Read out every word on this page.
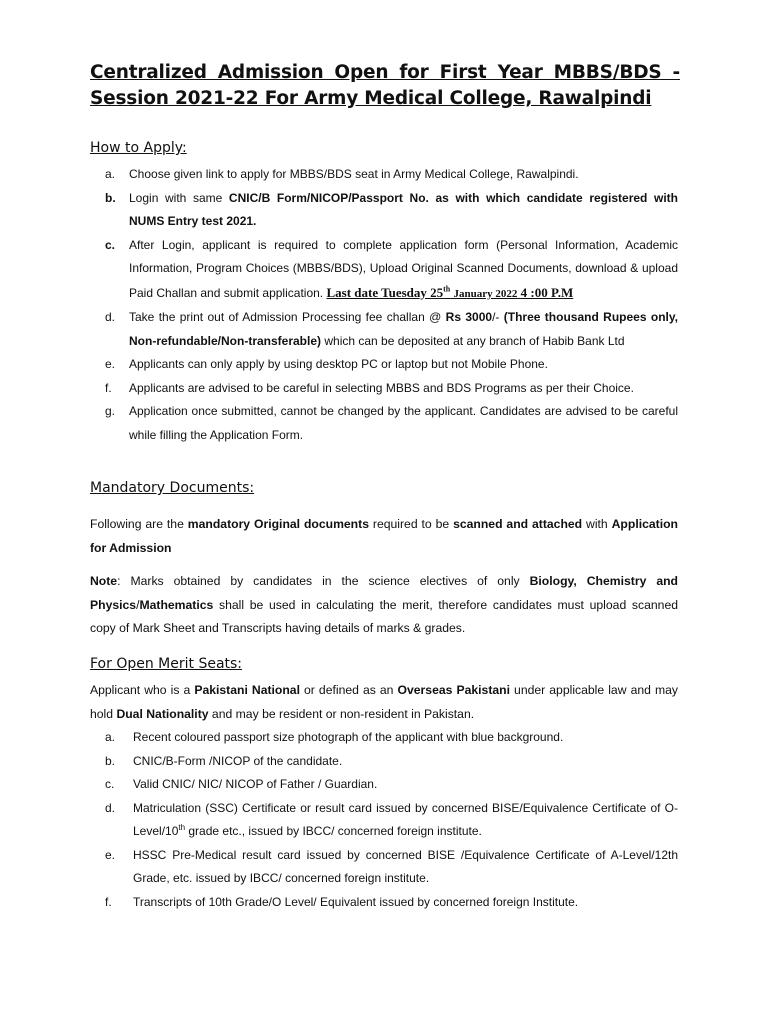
Centralized Admission Open for First Year MBBS/BDS - Session 2021-22 For Army Medical College, Rawalpindi
How to Apply:
a. Choose given link to apply for MBBS/BDS seat in Army Medical College, Rawalpindi.
b. Login with same CNIC/B Form/NICOP/Passport No. as with which candidate registered with NUMS Entry test 2021.
c. After Login, applicant is required to complete application form (Personal Information, Academic Information, Program Choices (MBBS/BDS), Upload Original Scanned Documents, download & upload Paid Challan and submit application. Last date Tuesday 25th January 2022 4 :00 P.M
d. Take the print out of Admission Processing fee challan @ Rs 3000/- (Three thousand Rupees only, Non-refundable/Non-transferable) which can be deposited at any branch of Habib Bank Ltd
e. Applicants can only apply by using desktop PC or laptop but not Mobile Phone.
f. Applicants are advised to be careful in selecting MBBS and BDS Programs as per their Choice.
g. Application once submitted, cannot be changed by the applicant. Candidates are advised to be careful while filling the Application Form.
Mandatory Documents:

Following are the mandatory Original documents required to be scanned and attached with Application for Admission

Note: Marks obtained by candidates in the science electives of only Biology, Chemistry and Physics/Mathematics shall be used in calculating the merit, therefore candidates must upload scanned copy of Mark Sheet and Transcripts having details of marks & grades.

For Open Merit Seats:

Applicant who is a Pakistani National or defined as an Overseas Pakistani under applicable law and may hold Dual Nationality and may be resident or non-resident in Pakistan.

a. Recent coloured passport size photograph of the applicant with blue background.
b. CNIC/B-Form /NICOP of the candidate.
c. Valid CNIC/ NIC/ NICOP of Father / Guardian.
d. Matriculation (SSC) Certificate or result card issued by concerned BISE/Equivalence Certificate of O-Level/10th grade etc., issued by IBCC/ concerned foreign institute.
e. HSSC Pre-Medical result card issued by concerned BISE /Equivalence Certificate of A-Level/12th Grade, etc. issued by IBCC/ concerned foreign institute.
f. Transcripts of 10th Grade/O Level/ Equivalent issued by concerned foreign Institute.
